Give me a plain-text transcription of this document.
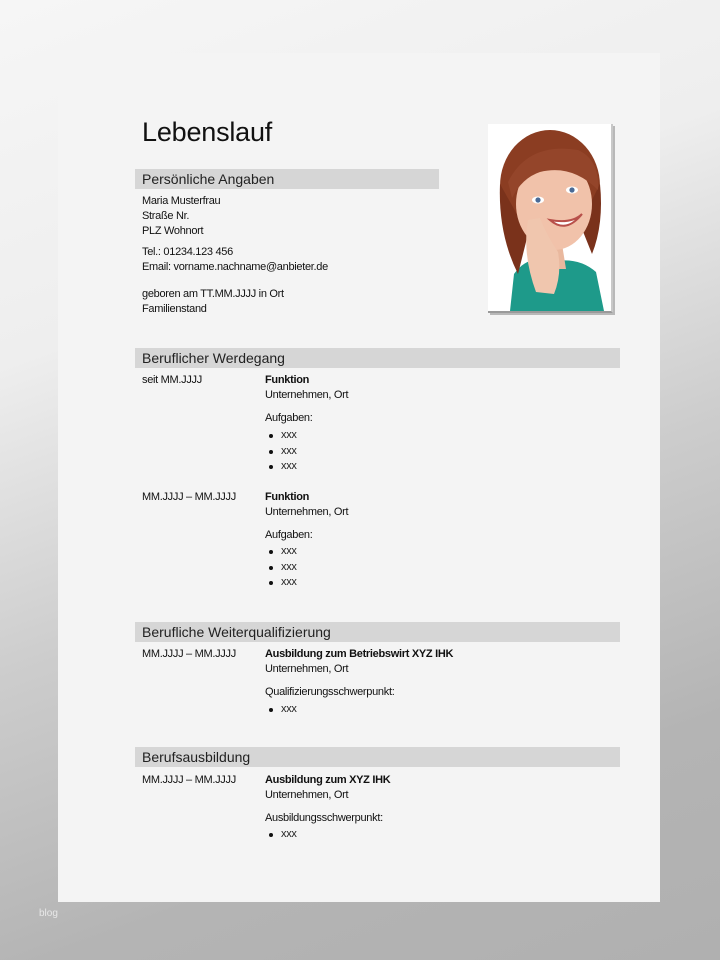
Lebenslauf
Persönliche Angaben
Maria Musterfrau
Straße Nr.
PLZ Wohnort
Tel.: 01234.123 456
Email: vorname.nachname@anbieter.de
geboren am TT.MM.JJJJ in Ort
Familienstand
Beruflicher Werdegang
seit MM.JJJJ	Funktion
Unternehmen, Ort
Aufgaben:
xxx
xxx
xxx
MM.JJJJ – MM.JJJJ	Funktion
Unternehmen, Ort
Aufgaben:
xxx
xxx
xxx
Berufliche Weiterqualifizierung
MM.JJJJ – MM.JJJJ	Ausbildung zum Betriebswirt XYZ IHK
Unternehmen, Ort
Qualifizierungsschwerpunkt:
xxx
Berufsausbildung
MM.JJJJ – MM.JJJJ	Ausbildung zum XYZ IHK
Unternehmen, Ort
Ausbildungsschwerpunkt:
xxx
blog
